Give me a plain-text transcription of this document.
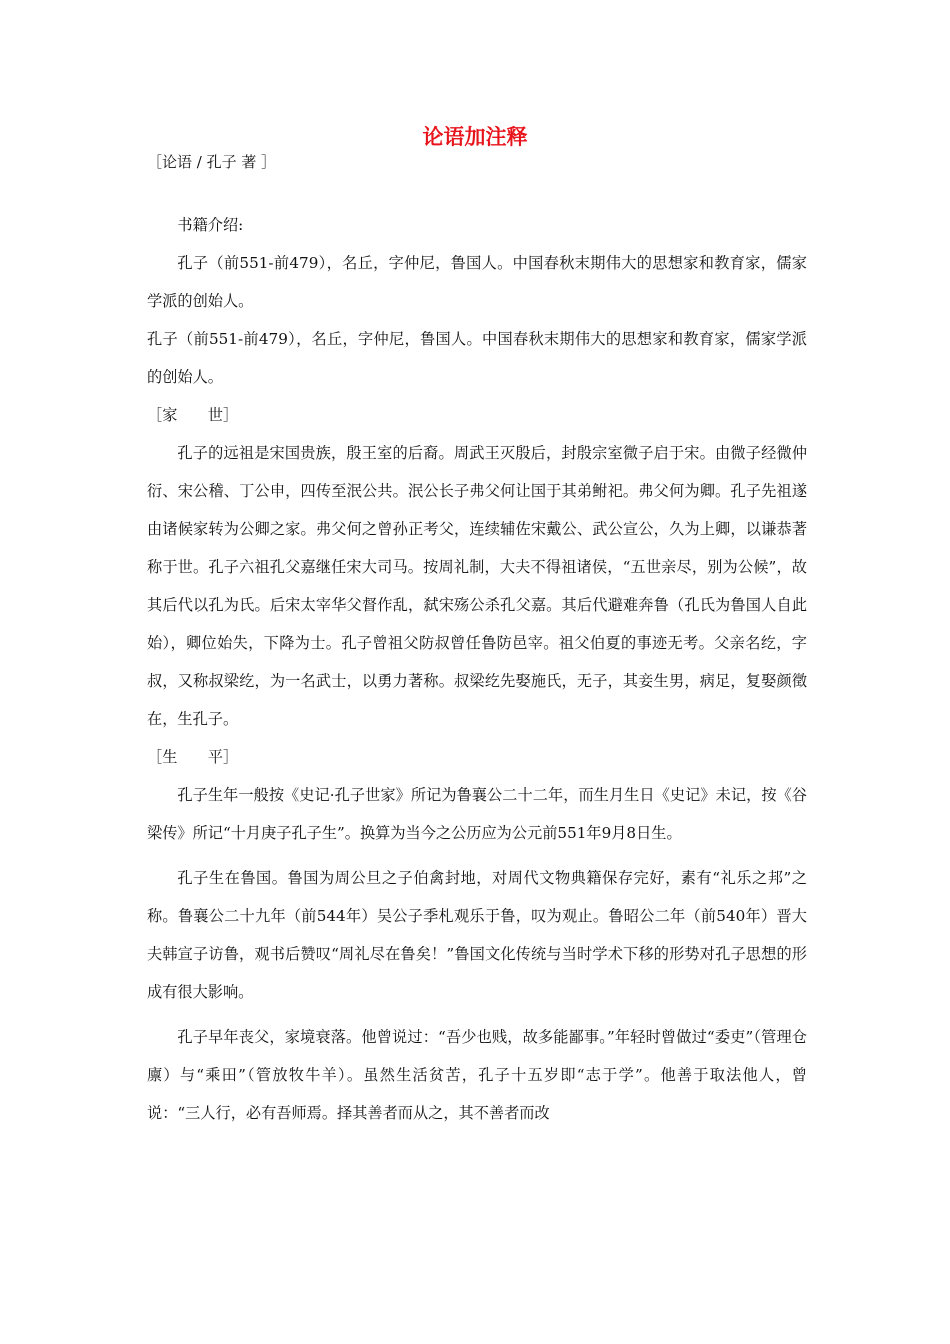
论语加注释
［论语 / 孔子 著 ］

书籍介绍:

孔子（前551-前479），名丘，字仲尼，鲁国人。中国春秋末期伟大的思想家和教育家，儒家学派的创始人。

孔子（前551-前479），名丘，字仲尼，鲁国人。中国春秋末期伟大的思想家和教育家，儒家学派的创始人。

［家　　世］

孔子的远祖是宋国贵族，殷王室的后裔。周武王灭殷后，封殷宗室微子启于宋。由微子经微仲衍、宋公稽、丁公申，四传至泯公共。泯公长子弗父何让国于其弟鲋祀。弗父何为卿。孔子先祖遂由诸候家转为公卿之家。弗父何之曾孙正考父，连续辅佐宋戴公、武公宣公，久为上卿，以谦恭著称于世。孔子六祖孔父嘉继任宋大司马。按周礼制，大夫不得祖诸侯，“五世亲尽，别为公候”，故其后代以孔为氏。后宋太宰华父督作乱，弑宋殇公杀孔父嘉。其后代避难奔鲁（孔氏为鲁国人自此始），卿位始失，下降为士。孔子曾祖父防叔曾任鲁防邑宰。祖父伯夏的事迹无考。父亲名纥，字叔，又称叔梁纥，为一名武士，以勇力著称。叔梁纥先娶施氏，无子，其妾生男，病足，复娶颜徵在，生孔子。

［生　　平］

孔子生年一般按《史记·孔子世家》所记为鲁襄公二十二年，而生月生日《史记》未记，按《谷梁传》所记“十月庚子孔子生”。换算为当今之公历应为公元前551年9月8日生。

孔子生在鲁国。鲁国为周公旦之子伯禽封地，对周代文物典籍保存完好，素有“礼乐之邦”之称。鲁襄公二十九年（前544年）吴公子季札观乐于鲁，叹为观止。鲁昭公二年（前540年）晋大夫韩宣子访鲁，观书后赞叹“周礼尽在鲁矣！”鲁国文化传统与当时学术下移的形势对孔子思想的形成有很大影响。

孔子早年丧父，家境衰落。他曾说过：“吾少也贱，故多能鄙事。”年轻时曾做过“委吏”（管理仓廪）与“乘田”（管放牧牛羊）。虽然生活贫苦，孔子十五岁即“志于学”。他善于取法他人，曾说：“三人行，必有吾师焉。择其善者而从之，其不善者而改
